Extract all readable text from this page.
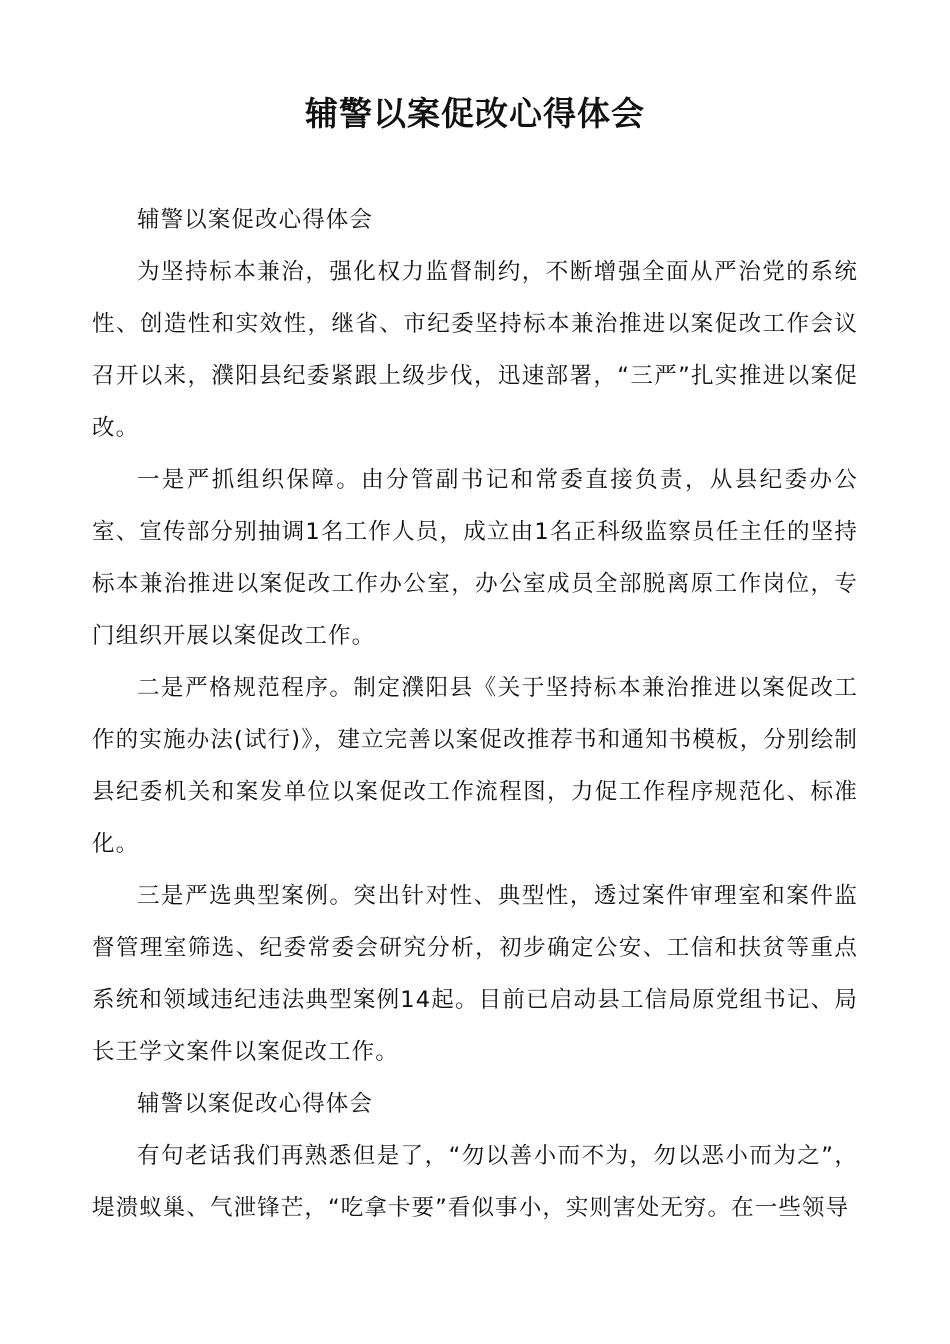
辅警以案促改心得体会

辅警以案促改心得体会

为坚持标本兼治，强化权力监督制约，不断增强全面从严治党的系统性、创造性和实效性，继省、市纪委坚持标本兼治推进以案促改工作会议召开以来，濮阳县纪委紧跟上级步伐，迅速部署，“三严”扎实推进以案促改。

一是严抓组织保障。由分管副书记和常委直接负责，从县纪委办公室、宣传部分别抽调1名工作人员，成立由1名正科级监察员任主任的坚持标本兼治推进以案促改工作办公室，办公室成员全部脱离原工作岗位，专门组织开展以案促改工作。

二是严格规范程序。制定濮阳县《关于坚持标本兼治推进以案促改工作的实施办法(试行)》，建立完善以案促改推荐书和通知书模板，分别绘制县纪委机关和案发单位以案促改工作流程图，力促工作程序规范化、标准化。

三是严选典型案例。突出针对性、典型性，透过案件审理室和案件监督管理室筛选、纪委常委会研究分析，初步确定公安、工信和扶贫等重点系统和领域违纪违法典型案例14起。目前已启动县工信局原党组书记、局长王学文案件以案促改工作。

辅警以案促改心得体会

有句老话我们再熟悉但是了，“勿以善小而不为，勿以恶小而为之”，堤溃蚁巢、气泄锋芒，“吃拿卡要”看似事小，实则害处无穷。在一些领导
